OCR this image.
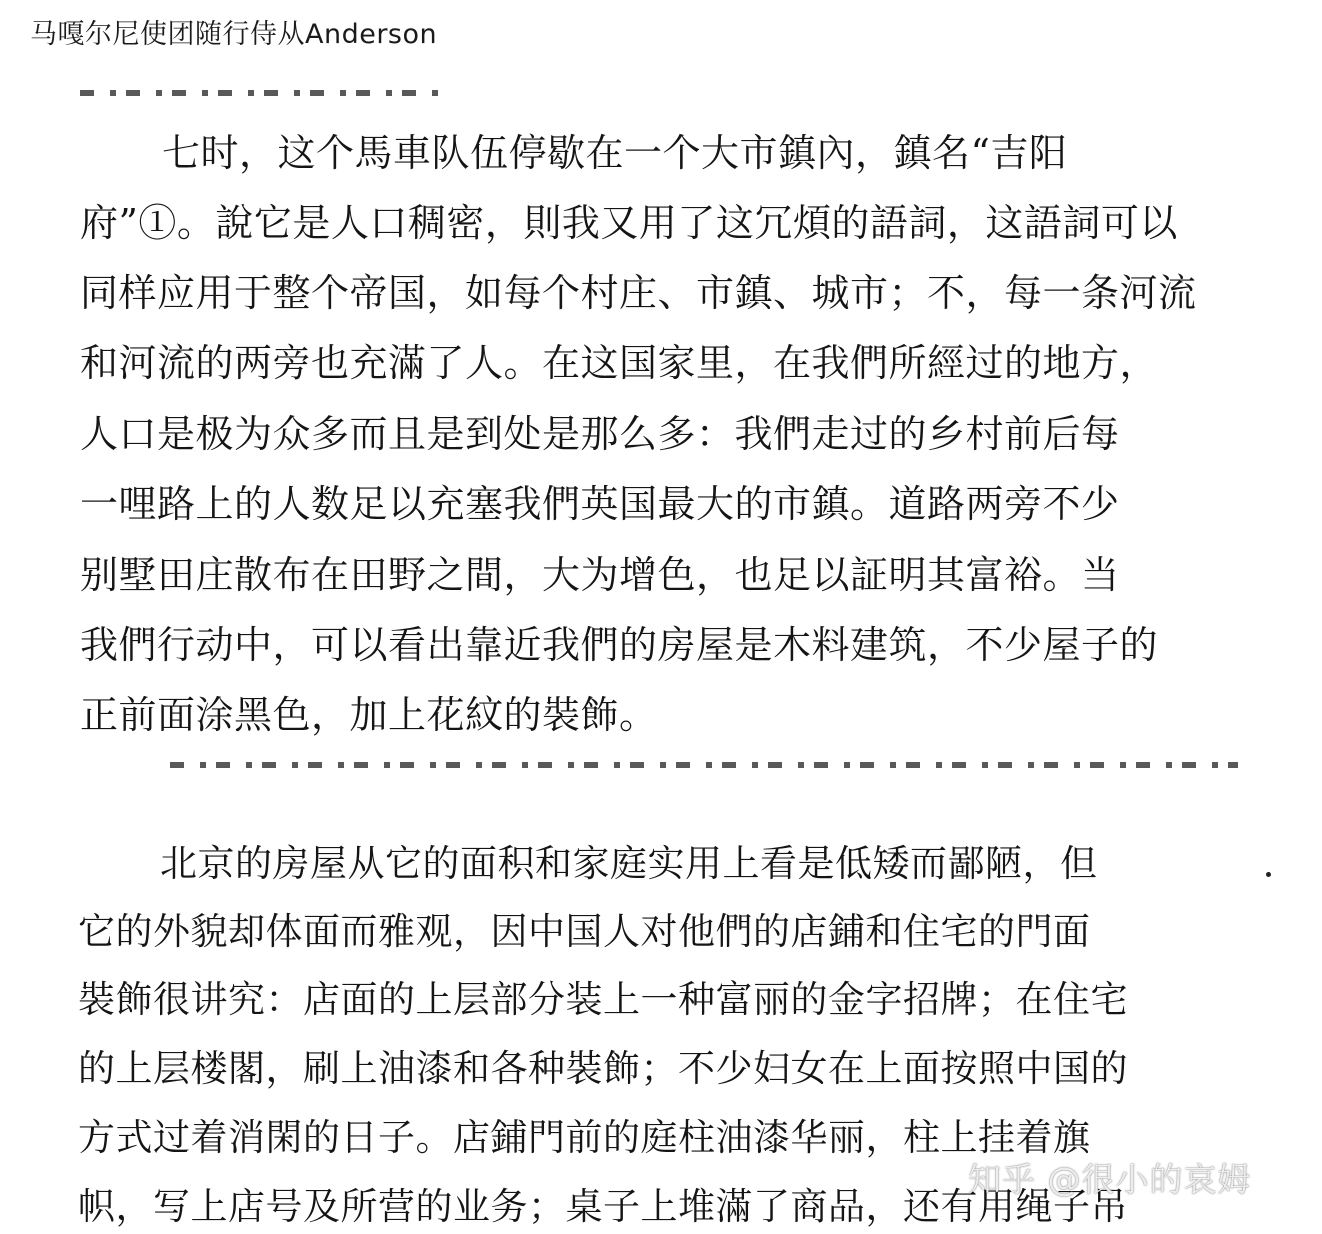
马嘎尔尼使团随行侍从Anderson
七时，这个馬車队伍停歇在一个大市鎮內，鎮名“吉阳
府”①。說它是人口稠密，則我又用了这冗煩的語詞，这語詞可以
同样应用于整个帝国，如每个村庄、市鎮、城市；不，每一条河流
和河流的两旁也充滿了人。在这国家里，在我們所經过的地方，
人口是极为众多而且是到处是那么多：我們走过的乡村前后每
一哩路上的人数足以充塞我們英国最大的市鎮。道路两旁不少
别墅田庄散布在田野之間，大为增色，也足以証明其富裕。当
我們行动中，可以看出靠近我們的房屋是木料建筑，不少屋子的
正前面涂黑色，加上花紋的裝飾。
北京的房屋从它的面积和家庭实用上看是低矮而鄙陋，但
它的外貌却体面而雅观，因中国人对他們的店鋪和住宅的門面
裝飾很讲究：店面的上层部分装上一种富丽的金字招牌；在住宅
的上层楼閣，刷上油漆和各种裝飾；不少妇女在上面按照中国的
方式过着消閑的日子。店鋪門前的庭柱油漆华丽，柱上挂着旗
帜，写上店号及所营的业务；桌子上堆滿了商品，还有用绳子吊
知乎 @很小的哀姆
